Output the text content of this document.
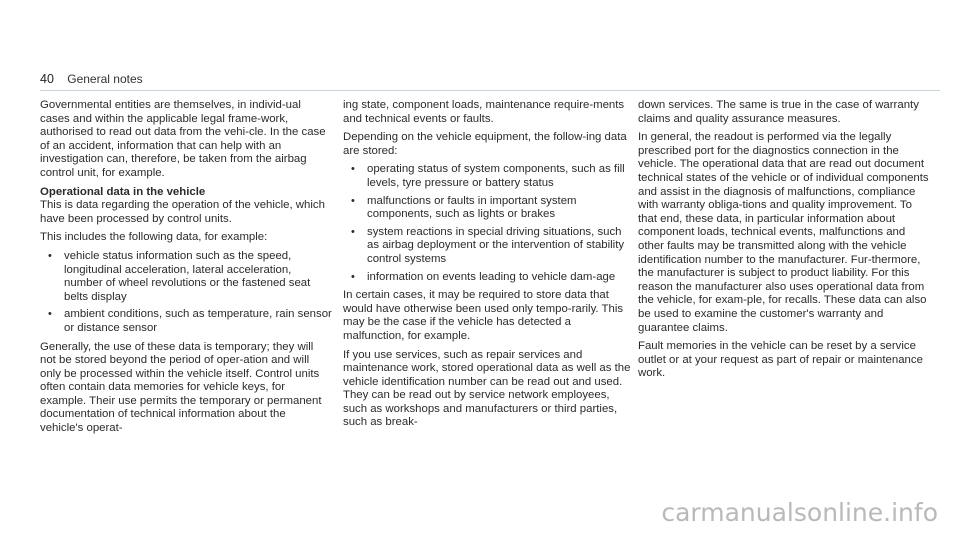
40 General notes

Governmental entities are themselves, in individ-ual cases and within the applicable legal frame-work, authorised to read out data from the vehi-cle. In the case of an accident, information that can help with an investigation can, therefore, be taken from the airbag control unit, for example.

Operational data in the vehicle

This is data regarding the operation of the vehicle, which have been processed by control units.

This includes the following data, for example:

• vehicle status information such as the speed, longitudinal acceleration, lateral acceleration, number of wheel revolutions or the fastened seat belts display
• ambient conditions, such as temperature, rain sensor or distance sensor

Generally, the use of these data is temporary; they will not be stored beyond the period of oper-ation and will only be processed within the vehicle itself. Control units often contain data memories for vehicle keys, for example. Their use permits the temporary or permanent documentation of technical information about the vehicle's operat-

ing state, component loads, maintenance require-ments and technical events or faults.

Depending on the vehicle equipment, the follow-ing data are stored:

• operating status of system components, such as fill levels, tyre pressure or battery status
• malfunctions or faults in important system components, such as lights or brakes
• system reactions in special driving situations, such as airbag deployment or the intervention of stability control systems
• information on events leading to vehicle dam-age

In certain cases, it may be required to store data that would have otherwise been used only tempo-rarily. This may be the case if the vehicle has detected a malfunction, for example.

If you use services, such as repair services and maintenance work, stored operational data as well as the vehicle identification number can be read out and used. They can be read out by service network employees, such as workshops and manufacturers or third parties, such as break-

down services. The same is true in the case of warranty claims and quality assurance measures.

In general, the readout is performed via the legally prescribed port for the diagnostics connection in the vehicle. The operational data that are read out document technical states of the vehicle or of individual components and assist in the diagnosis of malfunctions, compliance with warranty obliga-tions and quality improvement. To that end, these data, in particular information about component loads, technical events, malfunctions and other faults may be transmitted along with the vehicle identification number to the manufacturer. Fur-thermore, the manufacturer is subject to product liability. For this reason the manufacturer also uses operational data from the vehicle, for exam-ple, for recalls. These data can also be used to examine the customer's warranty and guarantee claims.

Fault memories in the vehicle can be reset by a service outlet or at your request as part of repair or maintenance work.

carmanualsonline.info
